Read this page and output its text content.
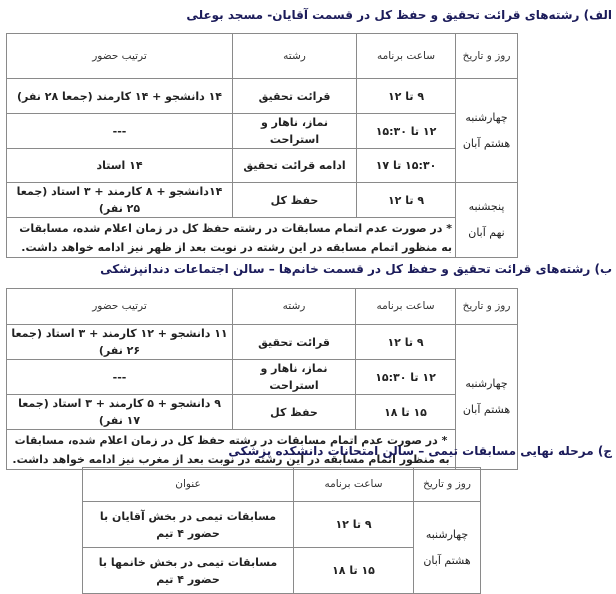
الف) رشته‌های قرائت تحقیق و حفظ کل در قسمت آقایان- مسجد بوعلی
روز و تاریخ	ساعت برنامه	رشته	ترتیب حضور
چهارشنبه
هشتم آبان	۹ تا ۱۲	قرائت تحقیق	۱۴ دانشجو + ۱۴ کارمند (جمعا ۲۸ نفر)
	۱۲ تا ۱۵:۳۰	نماز، ناهار و استراحت	---
	۱۵:۳۰ تا ۱۷	ادامه قرائت تحقیق	۱۴ استاد
پنجشنبه
نهم آبان	۹ تا ۱۲	حفظ کل	۱۴دانشجو + ۸ کارمند + ۳ استاد (جمعا ۲۵ نفر)
	* در صورت عدم اتمام مسابقات در رشته حفظ کل در زمان اعلام شده، مسابقات به منظور اتمام مسابقه در این رشته در نوبت بعد از ظهر نیز ادامه خواهد داشت.		
ب) رشته‌های قرائت تحقیق و حفظ کل در قسمت خانم‌ها – سالن اجتماعات دندانپزشکی
روز و تاریخ	ساعت برنامه	رشته	ترتیب حضور
چهارشنبه
هشتم آبان	۹ تا ۱۲	قرائت تحقیق	۱۱ دانشجو + ۱۲ کارمند + ۳ استاد (جمعا ۲۶ نفر)
	۱۲ تا ۱۵:۳۰	نماز، ناهار و استراحت	---
	۱۵ تا ۱۸	حفظ کل	۹ دانشجو + ۵ کارمند + ۳ استاد (جمعا ۱۷ نفر)
	* در صورت عدم اتمام مسابقات در رشته حفظ کل در زمان اعلام شده، مسابقات به منظور اتمام مسابقه در این رشته در نوبت بعد از مغرب نیز ادامه خواهد داشت.		
ج) مرحله نهایی مسابقات تیمی – سالن امتحانات دانشکده پزشکی
روز و تاریخ	ساعت برنامه	عنوان
چهارشنبه
هشتم آبان	۹ تا ۱۲	مسابقات تیمی در بخش آقایان با حضور ۴ تیم
	۱۵ تا ۱۸	مسابقات تیمی در بخش خانمها با حضور ۴ تیم
